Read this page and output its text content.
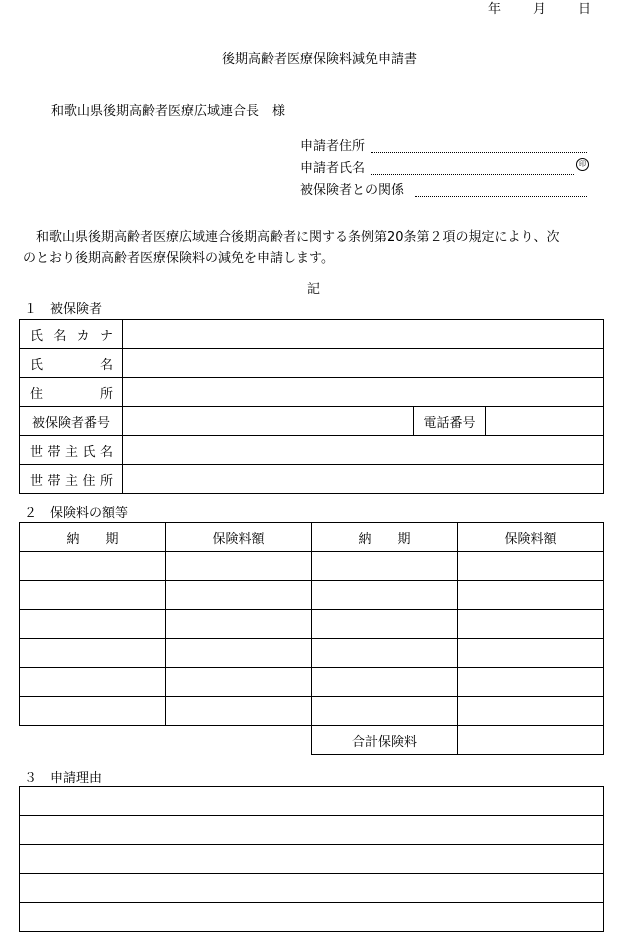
年 月 日
後期高齢者医療保険料減免申請書
和歌山県後期高齢者医療広域連合長　様
申請者住所
申請者氏名	印
被保険者との関係
和歌山県後期高齢者医療広域連合後期高齢者に関する条例第20条第２項の規定により、次
のとおり後期高齢者医療保険料の減免を申請します。
記
１　被保険者
氏 名 カ ナ			

氏 名			

住 所			

被保険者番号		電話番号	

世 帯 主 氏 名			

世 帯 主 住 所			

２　保険料の額等
納　　期	保険料額	納　　期	保険料額

		合計保険料	
３　申請理由
